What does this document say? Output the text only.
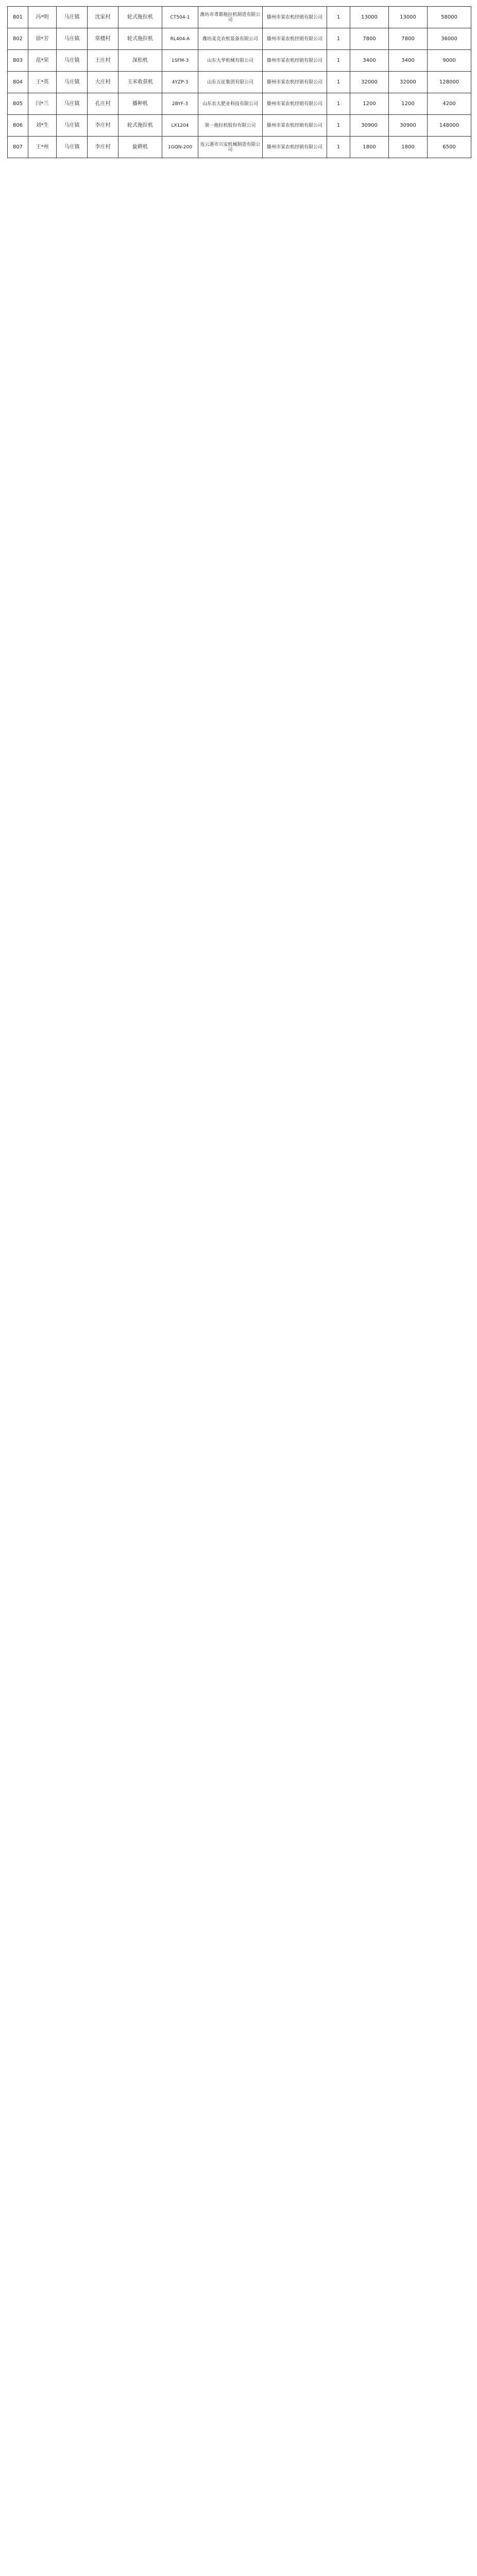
801	冯*明	马庄镇	沈家村	轮式拖拉机	CT504-1	潍坊市鸢都拖拉机制造有限公司	滕州市某农机经销有限公司	1	13000	13000	58000
802	徐*芳	马庄镇	常楼村	轮式拖拉机	RL404-A	潍坊麦克农机装备有限公司	滕州市某农机经销有限公司	1	7800	7800	36000
803	范*荣	马庄镇	王庄村	深松机	1SFM-3	山东大华机械有限公司	滕州市某农机经销有限公司	1	3400	3400	9000
804	王*英	马庄镇	大庄村	玉米收获机	4YZP-3	山东五征集团有限公司	滕州市某农机经销有限公司	1	32000	32000	128000
805	闫*兰	马庄镇	孔庄村	播种机	2BYF-3	山东农大肥业科技有限公司	滕州市某农机经销有限公司	1	1200	1200	4200
806	刘*生	马庄镇	李庄村	轮式拖拉机	LX1204	第一拖拉机股份有限公司	滕州市某农机经销有限公司	1	30900	30900	148000
807	王*州	马庄镇	李庄村	旋耕机	1GQN-200	连云港市兴安机械制造有限公司	滕州市某农机经销有限公司	1	1800	1800	6500
